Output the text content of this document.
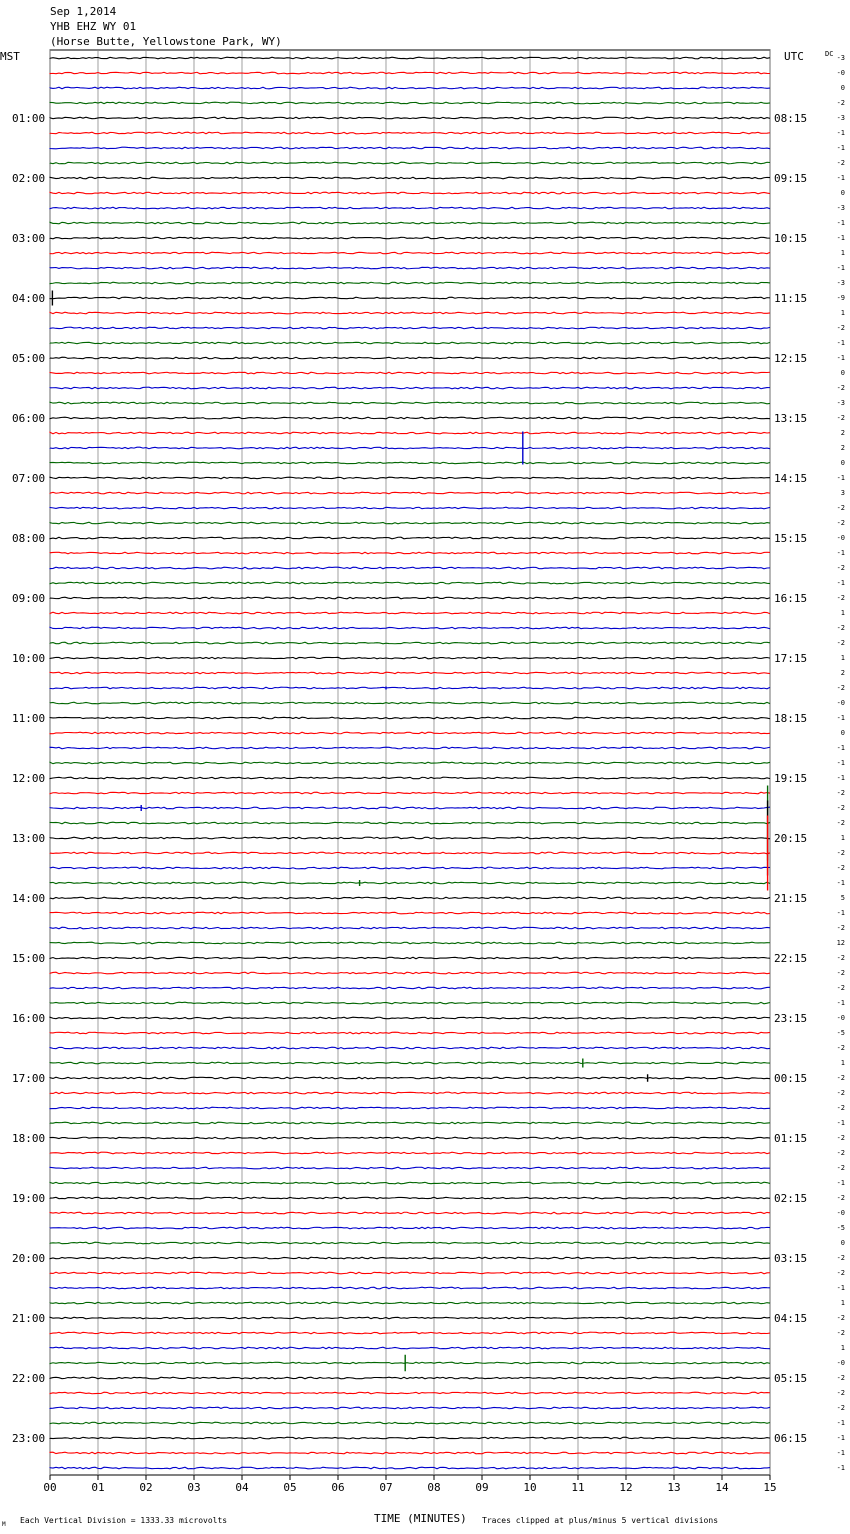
Sep 1,2014
YHB EHZ WY 01
(Horse Butte, Yellowstone Park, WY)
00	01	02	03	04	05	06	07	08	09	10	11	12	13	14	15
-3
-0
0
-2
-3
-1
-1
-2
-1
0
-3
-1
-1
1
-1
-3
-9
1
-2
-1
-1
0
-2
-3
-2
2
2
0
-1
3
-2
-2
-0
-1
-2
-1
-2
1
-2
-2
1
2
-2
-0
-1
0
-1
-1
-1
-2
-2
-2
1
-2
-2
-1
5
-1
-2
12
-2
-2
-2
-1
-0
-5
-2
1
-2
-2
-2
-1
-2
-2
-2
-1
-2
-0
-5
0
-2
-2
-1
1
-2
-2
1
-0
-2
-2
-2
-1
-1
-1
-1
01:00	08:15
02:00	09:15
03:00	10:15
04:00	11:15
05:00	12:15
06:00	13:15
07:00	14:15
08:00	15:15
09:00	16:15
10:00	17:15
11:00	18:15
12:00	19:15
13:00	20:15
14:00	21:15
15:00	22:15
16:00	23:15
17:00	00:15
18:00	01:15
19:00	02:15
20:00	03:15
21:00	04:15
22:00	05:15
23:00	06:15
MST	UTC	DC
TIME (MINUTES)
Each Vertical Division = 1333.33 microvolts	Traces clipped at plus/minus 5 vertical divisions
M
